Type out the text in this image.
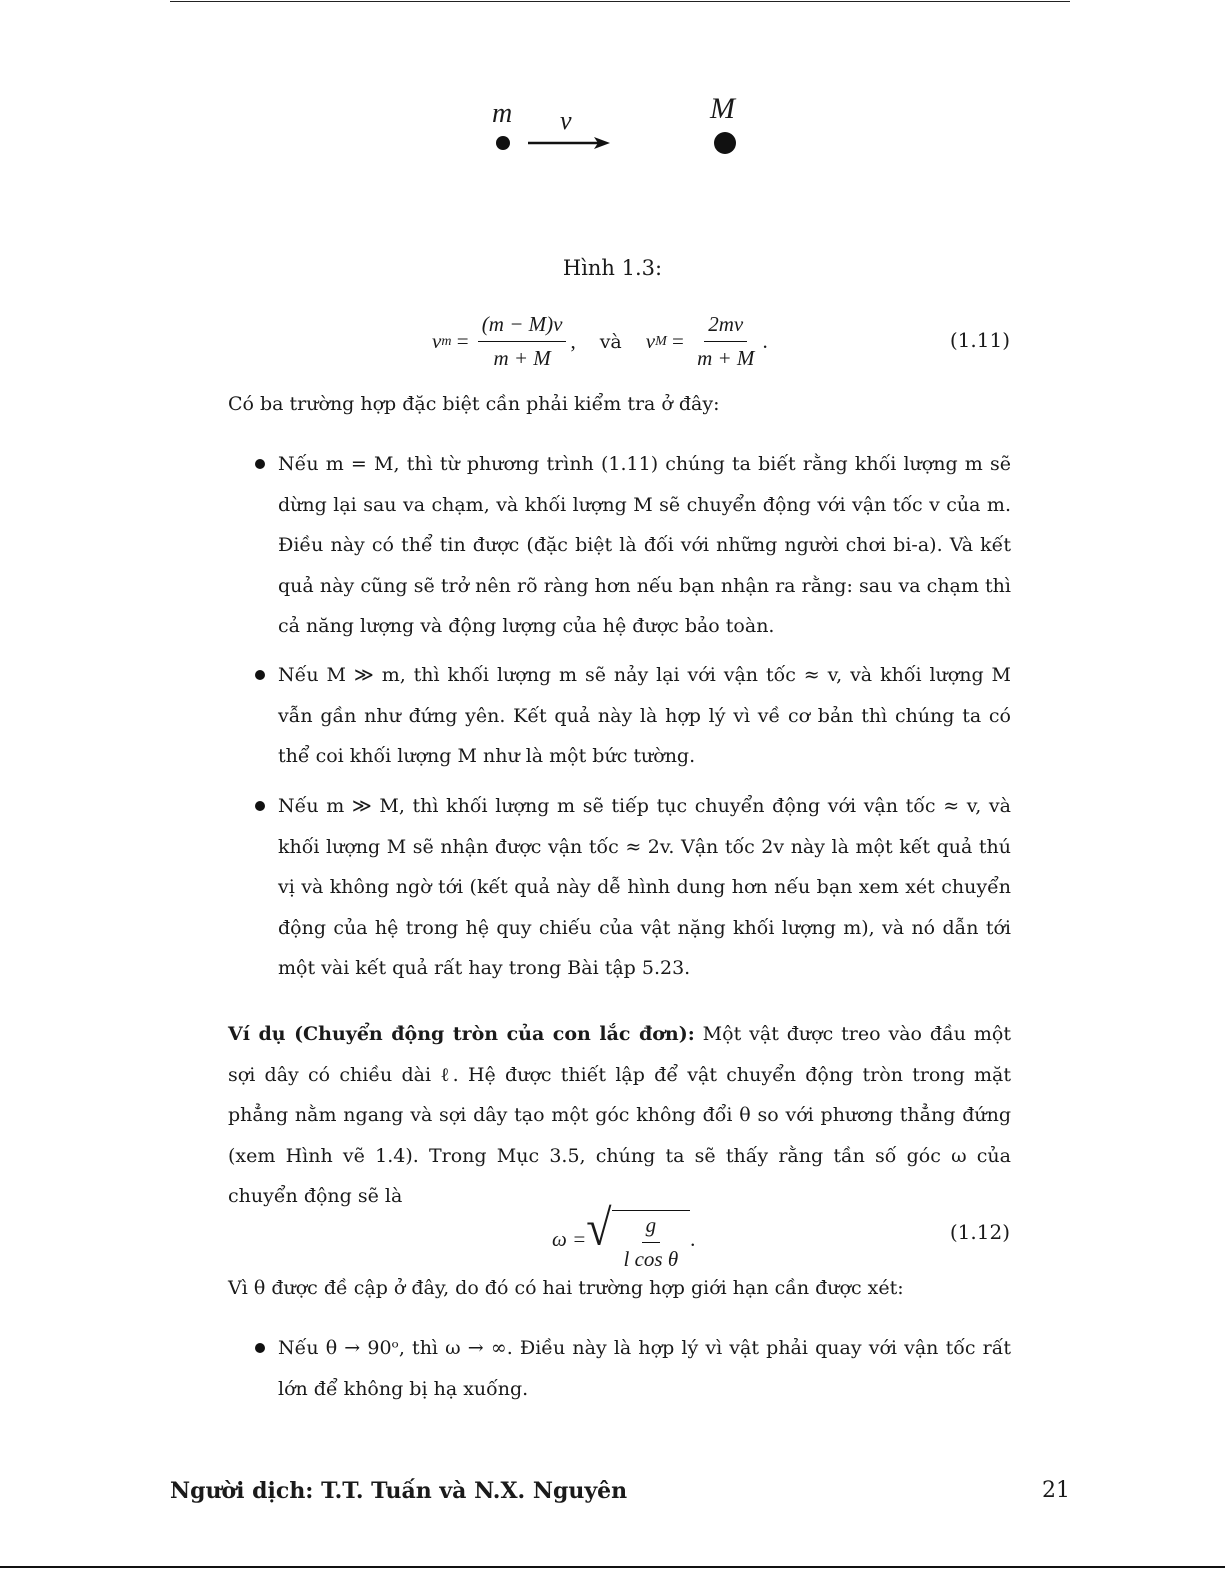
m v	M
Hình 1.3:
v $m = \frac{(m - M)v}{m + M}$ , và v $M = \frac{2mv}{m + M}$ .	(1.11)
Có ba trường hợp đặc biệt cần phải kiểm tra ở đây:
Nếu m = M, thì từ phương trình (1.11) chúng ta biết rằng khối lượng m sẽ dừng lại sau va chạm, và khối lượng M sẽ chuyển động với vận tốc v của m. Điều này có thể tin được (đặc biệt là đối với những người chơi bi-a). Và kết quả này cũng sẽ trở nên rõ ràng hơn nếu bạn nhận ra rằng: sau va chạm thì cả năng lượng và động lượng của hệ được bảo toàn.
Nếu M ≫ m, thì khối lượng m sẽ nảy lại với vận tốc ≈ v, và khối lượng M vẫn gần như đứng yên. Kết quả này là hợp lý vì về cơ bản thì chúng ta có thể coi khối lượng M như là một bức tường.
Nếu m ≫ M, thì khối lượng m sẽ tiếp tục chuyển động với vận tốc ≈ v, và khối lượng M sẽ nhận được vận tốc ≈ 2v. Vận tốc 2v này là một kết quả thú vị và không ngờ tới (kết quả này dễ hình dung hơn nếu bạn xem xét chuyển động của hệ trong hệ quy chiếu của vật nặng khối lượng m), và nó dẫn tới một vài kết quả rất hay trong Bài tập 5.23.
Ví dụ (Chuyển động tròn của con lắc đơn): Một vật được treo vào đầu một sợi dây có chiều dài ℓ. Hệ được thiết lập để vật chuyển động tròn trong mặt phẳng nằm ngang và sợi dây tạo một góc không đổi θ so với phương thẳng đứng (xem Hình vẽ 1.4). Trong Mục 3.5, chúng ta sẽ thấy rằng tần số góc ω của chuyển động sẽ là
ω = √ $\frac{g}{\text{l cos θ}}$ .	(1.12)
Vì θ được đề cập ở đây, do đó có hai trường hợp giới hạn cần được xét:
Nếu θ → 90ᵒ, thì ω → ∞. Điều này là hợp lý vì vật phải quay với vận tốc rất lớn để không bị hạ xuống.
Người dịch: T.T. Tuấn và N.X. Nguyên	21
